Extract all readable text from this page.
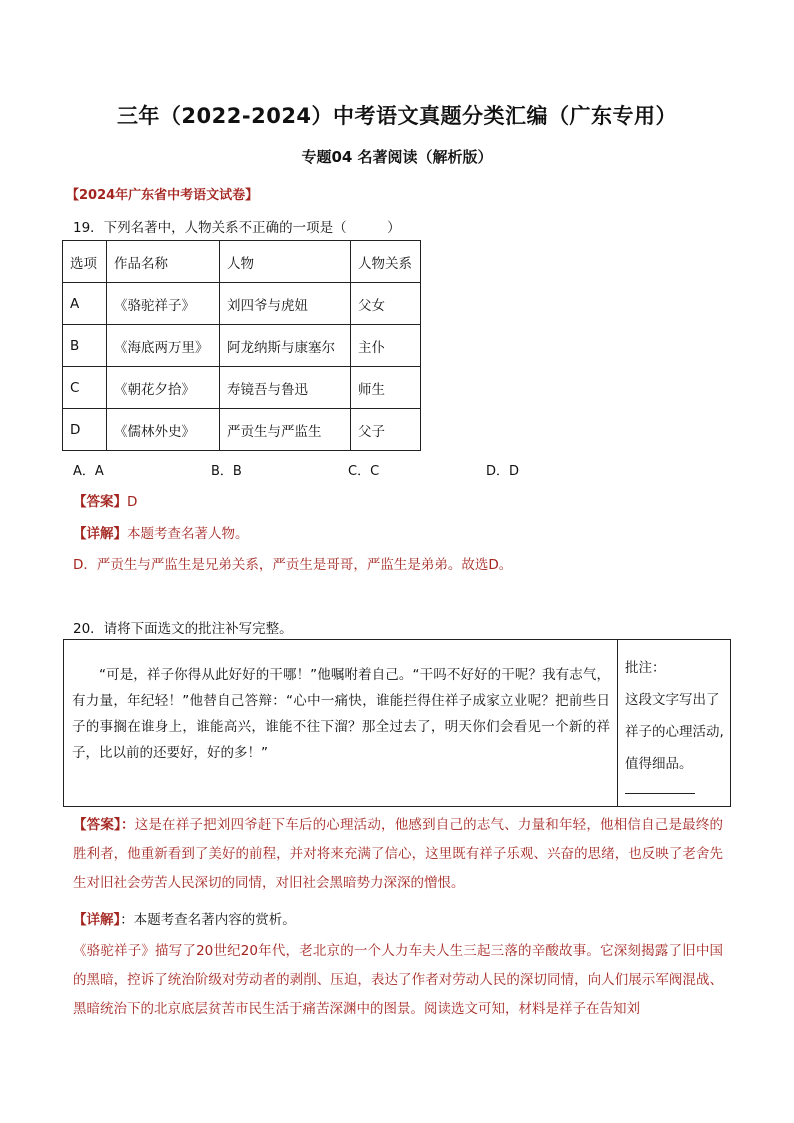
三年（2022-2024）中考语文真题分类汇编（广东专用）
专题04 名著阅读（解析版）
【2024年广东省中考语文试卷】
19．下列名著中，人物关系不正确的一项是（　　　）
选项	作品名称	人物	人物关系
A	《骆驼祥子》	刘四爷与虎妞	父女
B	《海底两万里》	阿龙纳斯与康塞尔	主仆
C	《朝花夕拾》	寿镜吾与鲁迅	师生
D	《儒林外史》	严贡生与严监生	父子
A．A	B．B	C．C	D．D
【答案】D
【详解】本题考查名著人物。
D．严贡生与严监生是兄弟关系，严贡生是哥哥，严监生是弟弟。故选D。
20．请将下面选文的批注补写完整。
“可是，祥子你得从此好好的干哪！”他嘱咐着自己。“干吗不好好的干呢？我有志气，有力量，年纪轻！”他替自己答辩：“心中一痛快，谁能拦得住祥子成家立业呢？把前些日子的事搁在谁身上，谁能高兴，谁能不往下溜？那全过去了，明天你们会看见一个新的祥子，比以前的还要好，好的多！”
批注：
这段文字写出了祥子的心理活动,值得细品。
【答案】：这是在祥子把刘四爷赶下车后的心理活动，他感到自己的志气、力量和年轻，他相信自己是最终的胜利者，他重新看到了美好的前程，并对将来充满了信心，这里既有祥子乐观、兴奋的思绪，也反映了老舍先生对旧社会劳苦人民深切的同情，对旧社会黑暗势力深深的憎恨。
【详解】：本题考查名著内容的赏析。
《骆驼祥子》描写了20世纪20年代，老北京的一个人力车夫人生三起三落的辛酸故事。它深刻揭露了旧中国的黑暗，控诉了统治阶级对劳动者的剥削、压迫，表达了作者对劳动人民的深切同情，向人们展示军阀混战、黑暗统治下的北京底层贫苦市民生活于痛苦深渊中的图景。阅读选文可知，材料是祥子在告知刘
